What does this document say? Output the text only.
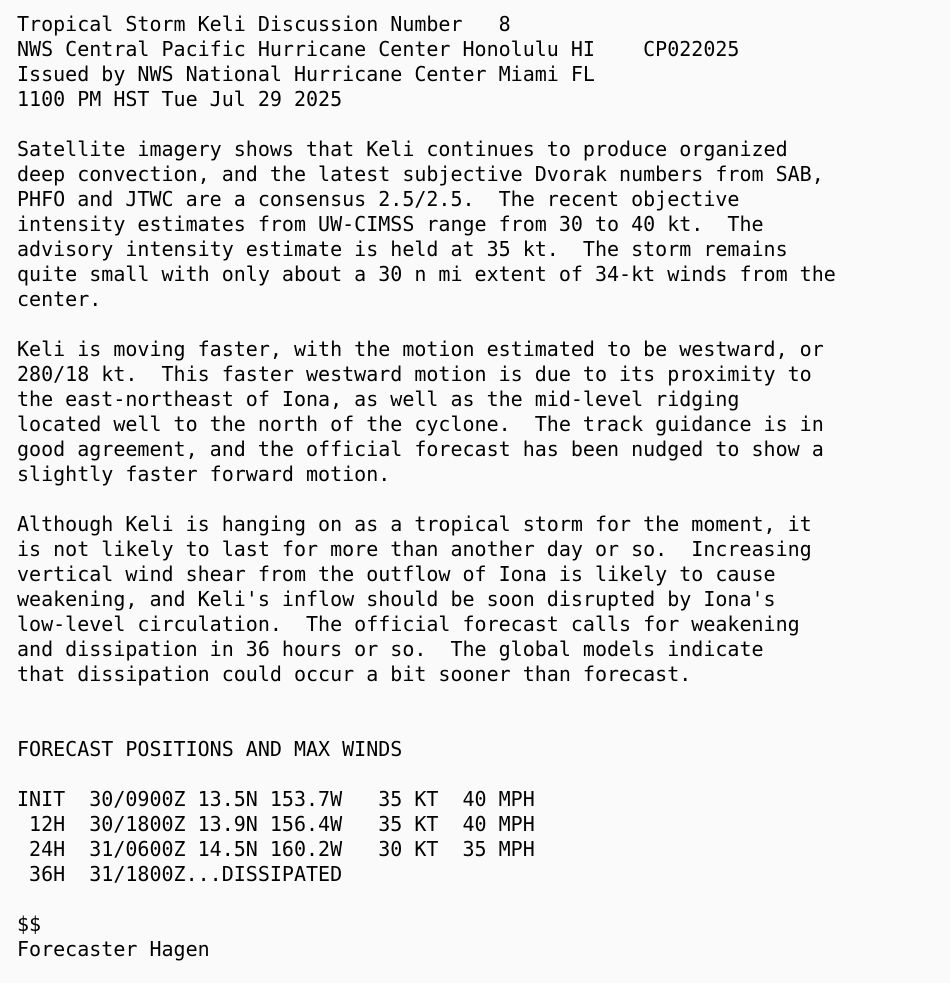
Tropical Storm Keli Discussion Number   8
NWS Central Pacific Hurricane Center Honolulu HI    CP022025
Issued by NWS National Hurricane Center Miami FL
1100 PM HST Tue Jul 29 2025
Satellite imagery shows that Keli continues to produce organized
deep convection, and the latest subjective Dvorak numbers from SAB,
PHFO and JTWC are a consensus 2.5/2.5.  The recent objective
intensity estimates from UW-CIMSS range from 30 to 40 kt.  The
advisory intensity estimate is held at 35 kt.  The storm remains
quite small with only about a 30 n mi extent of 34-kt winds from the
center.
Keli is moving faster, with the motion estimated to be westward, or
280/18 kt.  This faster westward motion is due to its proximity to
the east-northeast of Iona, as well as the mid-level ridging
located well to the north of the cyclone.  The track guidance is in
good agreement, and the official forecast has been nudged to show a
slightly faster forward motion.
Although Keli is hanging on as a tropical storm for the moment, it
is not likely to last for more than another day or so.  Increasing
vertical wind shear from the outflow of Iona is likely to cause
weakening, and Keli's inflow should be soon disrupted by Iona's
low-level circulation.  The official forecast calls for weakening
and dissipation in 36 hours or so.  The global models indicate
that dissipation could occur a bit sooner than forecast.
FORECAST POSITIONS AND MAX WINDS
INIT  30/0900Z 13.5N 153.7W   35 KT  40 MPH
12H  30/1800Z 13.9N 156.4W   35 KT  40 MPH
24H  31/0600Z 14.5N 160.2W   30 KT  35 MPH
36H  31/1800Z...DISSIPATED
$$
Forecaster Hagen
